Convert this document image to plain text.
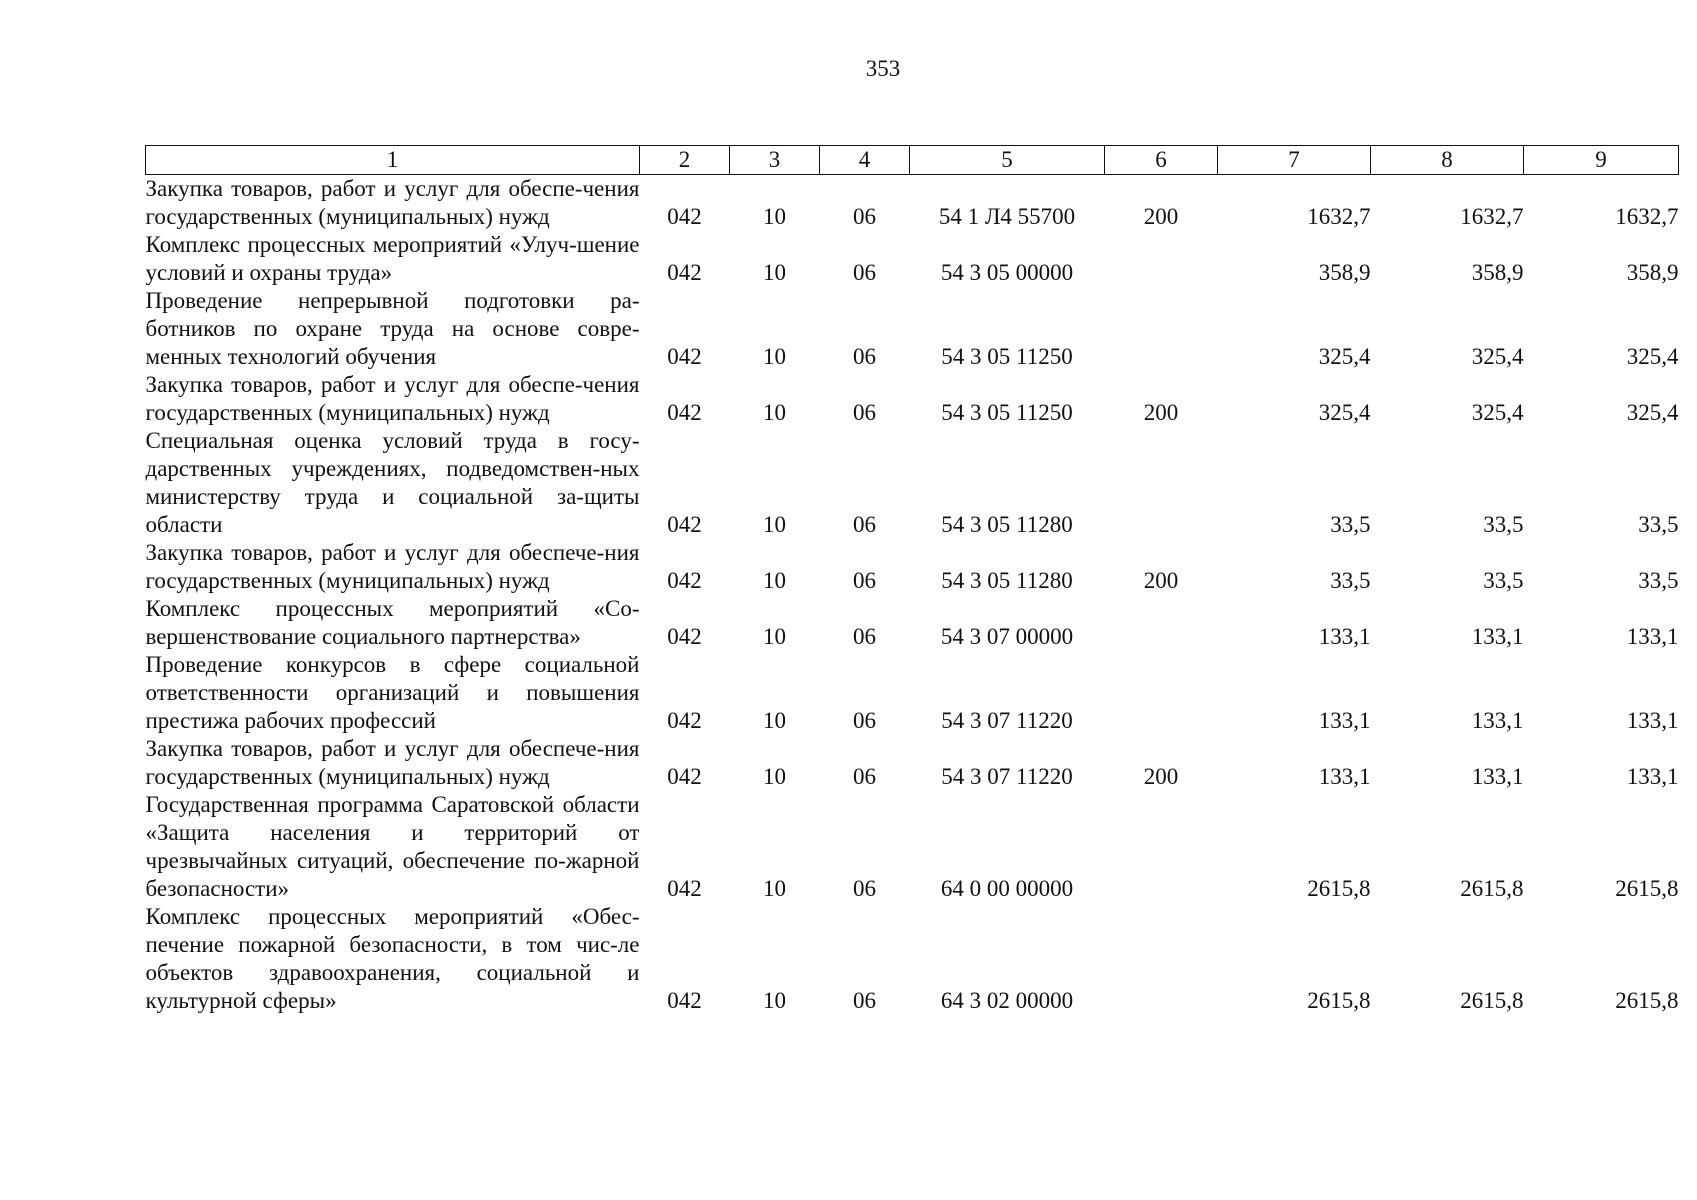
353
1	2	3	4	5	6	7	8	9
Закупка товаров, работ и услуг для обеспе-чения государственных (муниципальных) нужд	042	10	06	54 1 Л4 55700	200	1632,7	1632,7	1632,7
Комплекс процессных мероприятий «Улуч-шение условий и охраны труда»	042	10	06	54 3 05 00000		358,9	358,9	358,9
Проведение непрерывной подготовки ра-ботников по охране труда на основе совре-менных технологий обучения	042	10	06	54 3 05 11250		325,4	325,4	325,4
Закупка товаров, работ и услуг для обеспе-чения государственных (муниципальных) нужд	042	10	06	54 3 05 11250	200	325,4	325,4	325,4
Специальная оценка условий труда в госу-дарственных учреждениях, подведомствен-ных министерству труда и социальной за-щиты области	042	10	06	54 3 05 11280		33,5	33,5	33,5
Закупка товаров, работ и услуг для обеспече-ния государственных (муниципальных) нужд	042	10	06	54 3 05 11280	200	33,5	33,5	33,5
Комплекс процессных мероприятий «Со-вершенствование социального партнерства»	042	10	06	54 3 07 00000		133,1	133,1	133,1
Проведение конкурсов в сфере социальной ответственности организаций и повышения престижа рабочих профессий	042	10	06	54 3 07 11220		133,1	133,1	133,1
Закупка товаров, работ и услуг для обеспече-ния государственных (муниципальных) нужд	042	10	06	54 3 07 11220	200	133,1	133,1	133,1
Государственная программа Саратовской области «Защита населения и территорий от чрезвычайных ситуаций, обеспечение по-жарной безопасности»	042	10	06	64 0 00 00000		2615,8	2615,8	2615,8
Комплекс процессных мероприятий «Обес-печение пожарной безопасности, в том чис-ле объектов здравоохранения, социальной и культурной сферы»	042	10	06	64 3 02 00000		2615,8	2615,8	2615,8
